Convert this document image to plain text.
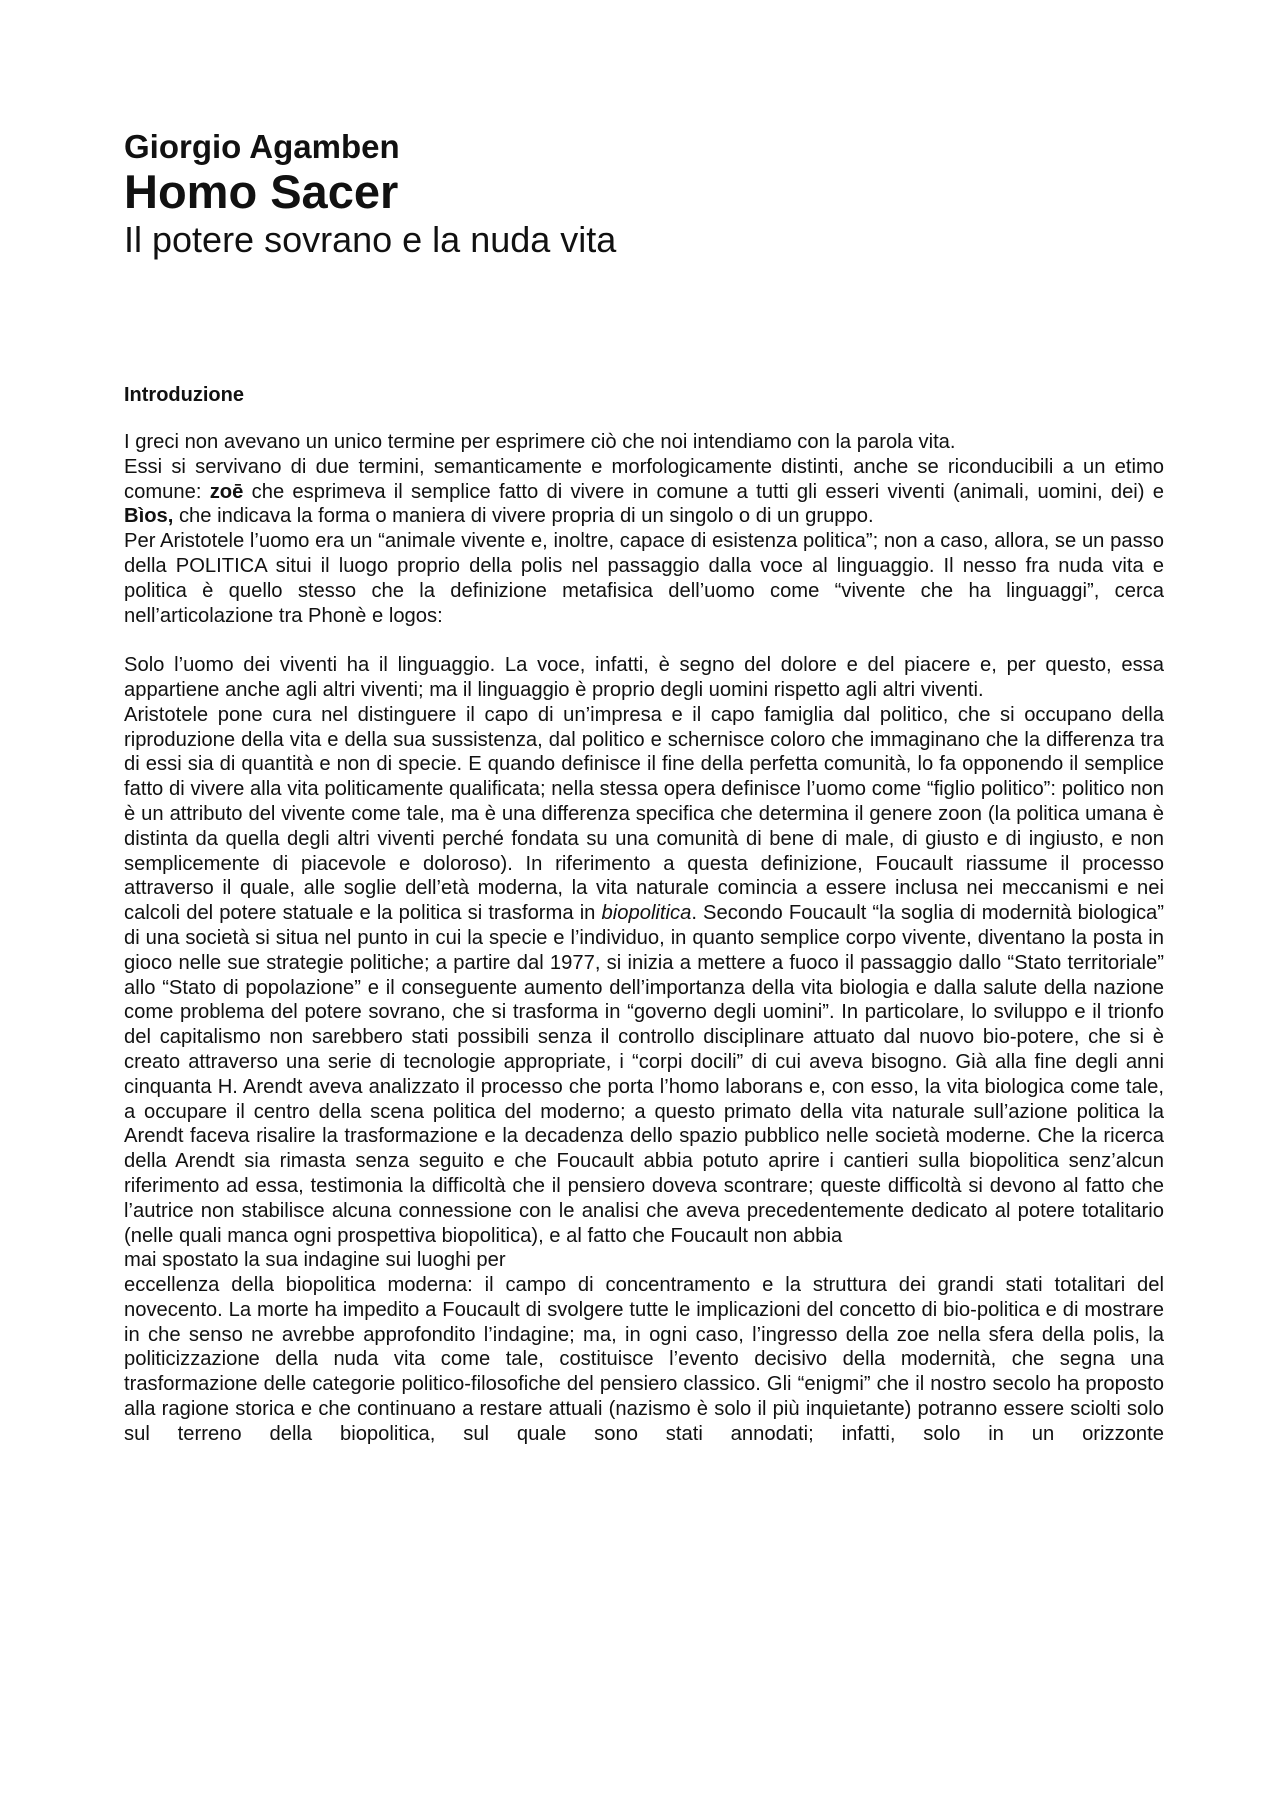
Giorgio Agamben
Homo Sacer
Il potere sovrano e la nuda vita
Introduzione

I greci non avevano un unico termine per esprimere ciò che noi intendiamo con la parola vita.

Essi si servivano di due termini, semanticamente e morfologicamente distinti, anche se riconducibili a un etimo comune: zoē che esprimeva il semplice fatto di vivere in comune a tutti gli esseri viventi (animali, uomini, dei) e Bìos, che indicava la forma o maniera di vivere propria di un singolo o di un gruppo.

Per Aristotele l’uomo era un “animale vivente e, inoltre, capace di esistenza politica”; non a caso, allora, se un passo della POLITICA situi il luogo proprio della polis nel passaggio dalla voce al linguaggio. Il nesso fra nuda vita e politica è quello stesso che la definizione metafisica dell’uomo come “vivente che ha linguaggi”, cerca nell’articolazione tra Phonè e logos:

Solo l’uomo dei viventi ha il linguaggio. La voce, infatti, è segno del dolore e del piacere e, per questo, essa appartiene anche agli altri viventi; ma il linguaggio è proprio degli uomini rispetto agli altri viventi.

Aristotele pone cura nel distinguere il capo di un’impresa e il capo famiglia dal politico, che si occupano della riproduzione della vita e della sua sussistenza, dal politico e schernisce coloro che immaginano che la differenza tra di essi sia di quantità e non di specie. E quando definisce il fine della perfetta comunità, lo fa opponendo il semplice fatto di vivere alla vita politicamente qualificata; nella stessa opera definisce l’uomo come “figlio politico”: politico non è un attributo del vivente come tale, ma è una differenza specifica che determina il genere zoon (la politica umana è distinta da quella degli altri viventi perché fondata su una comunità di bene di male, di giusto e di ingiusto, e non semplicemente di piacevole e doloroso). In riferimento a questa definizione, Foucault riassume il processo attraverso il quale, alle soglie dell’età moderna, la vita naturale comincia a essere inclusa nei meccanismi e nei calcoli del potere statuale e la politica si trasforma in biopolitica. Secondo Foucault “la soglia di modernità biologica” di una società si situa nel punto in cui la specie e l’individuo, in quanto semplice corpo vivente, diventano la posta in gioco nelle sue strategie politiche; a partire dal 1977, si inizia a mettere a fuoco il passaggio dallo “Stato territoriale” allo “Stato di popolazione” e il conseguente aumento dell’importanza della vita biologia e dalla salute della nazione come problema del potere sovrano, che si trasforma in “governo degli uomini”. In particolare, lo sviluppo e il trionfo del capitalismo non sarebbero stati possibili senza il controllo disciplinare attuato dal nuovo bio-potere, che si è creato attraverso una serie di tecnologie appropriate, i “corpi docili” di cui aveva bisogno. Già alla fine degli anni cinquanta H. Arendt aveva analizzato il processo che porta l’homo laborans e, con esso, la vita biologica come tale, a occupare il centro della scena politica del moderno; a questo primato della vita naturale sull’azione politica la Arendt faceva risalire la trasformazione e la decadenza dello spazio pubblico nelle società moderne. Che la ricerca della Arendt sia rimasta senza seguito e che Foucault abbia potuto aprire i cantieri sulla biopolitica senz’alcun riferimento ad essa, testimonia la difficoltà che il pensiero doveva scontrare; queste difficoltà si devono al fatto che l’autrice non stabilisce alcuna connessione con le analisi che aveva precedentemente dedicato al potere totalitario (nelle quali manca ogni prospettiva biopolitica), e al fatto che Foucault non abbia

mai spostato la sua indagine sui luoghi per

eccellenza della biopolitica moderna: il campo di concentramento e la struttura dei grandi stati totalitari del novecento. La morte ha impedito a Foucault di svolgere tutte le implicazioni del concetto di bio-politica e di mostrare in che senso ne avrebbe approfondito l’indagine; ma, in ogni caso, l’ingresso della zoe nella sfera della polis, la politicizzazione della nuda vita come tale, costituisce l’evento decisivo della modernità, che segna una trasformazione delle categorie politico-filosofiche del pensiero classico. Gli “enigmi” che il nostro secolo ha proposto alla ragione storica e che continuano a restare attuali (nazismo è solo il più inquietante) potranno essere sciolti solo sul terreno della biopolitica, sul quale sono stati annodati; infatti, solo in un orizzonte
